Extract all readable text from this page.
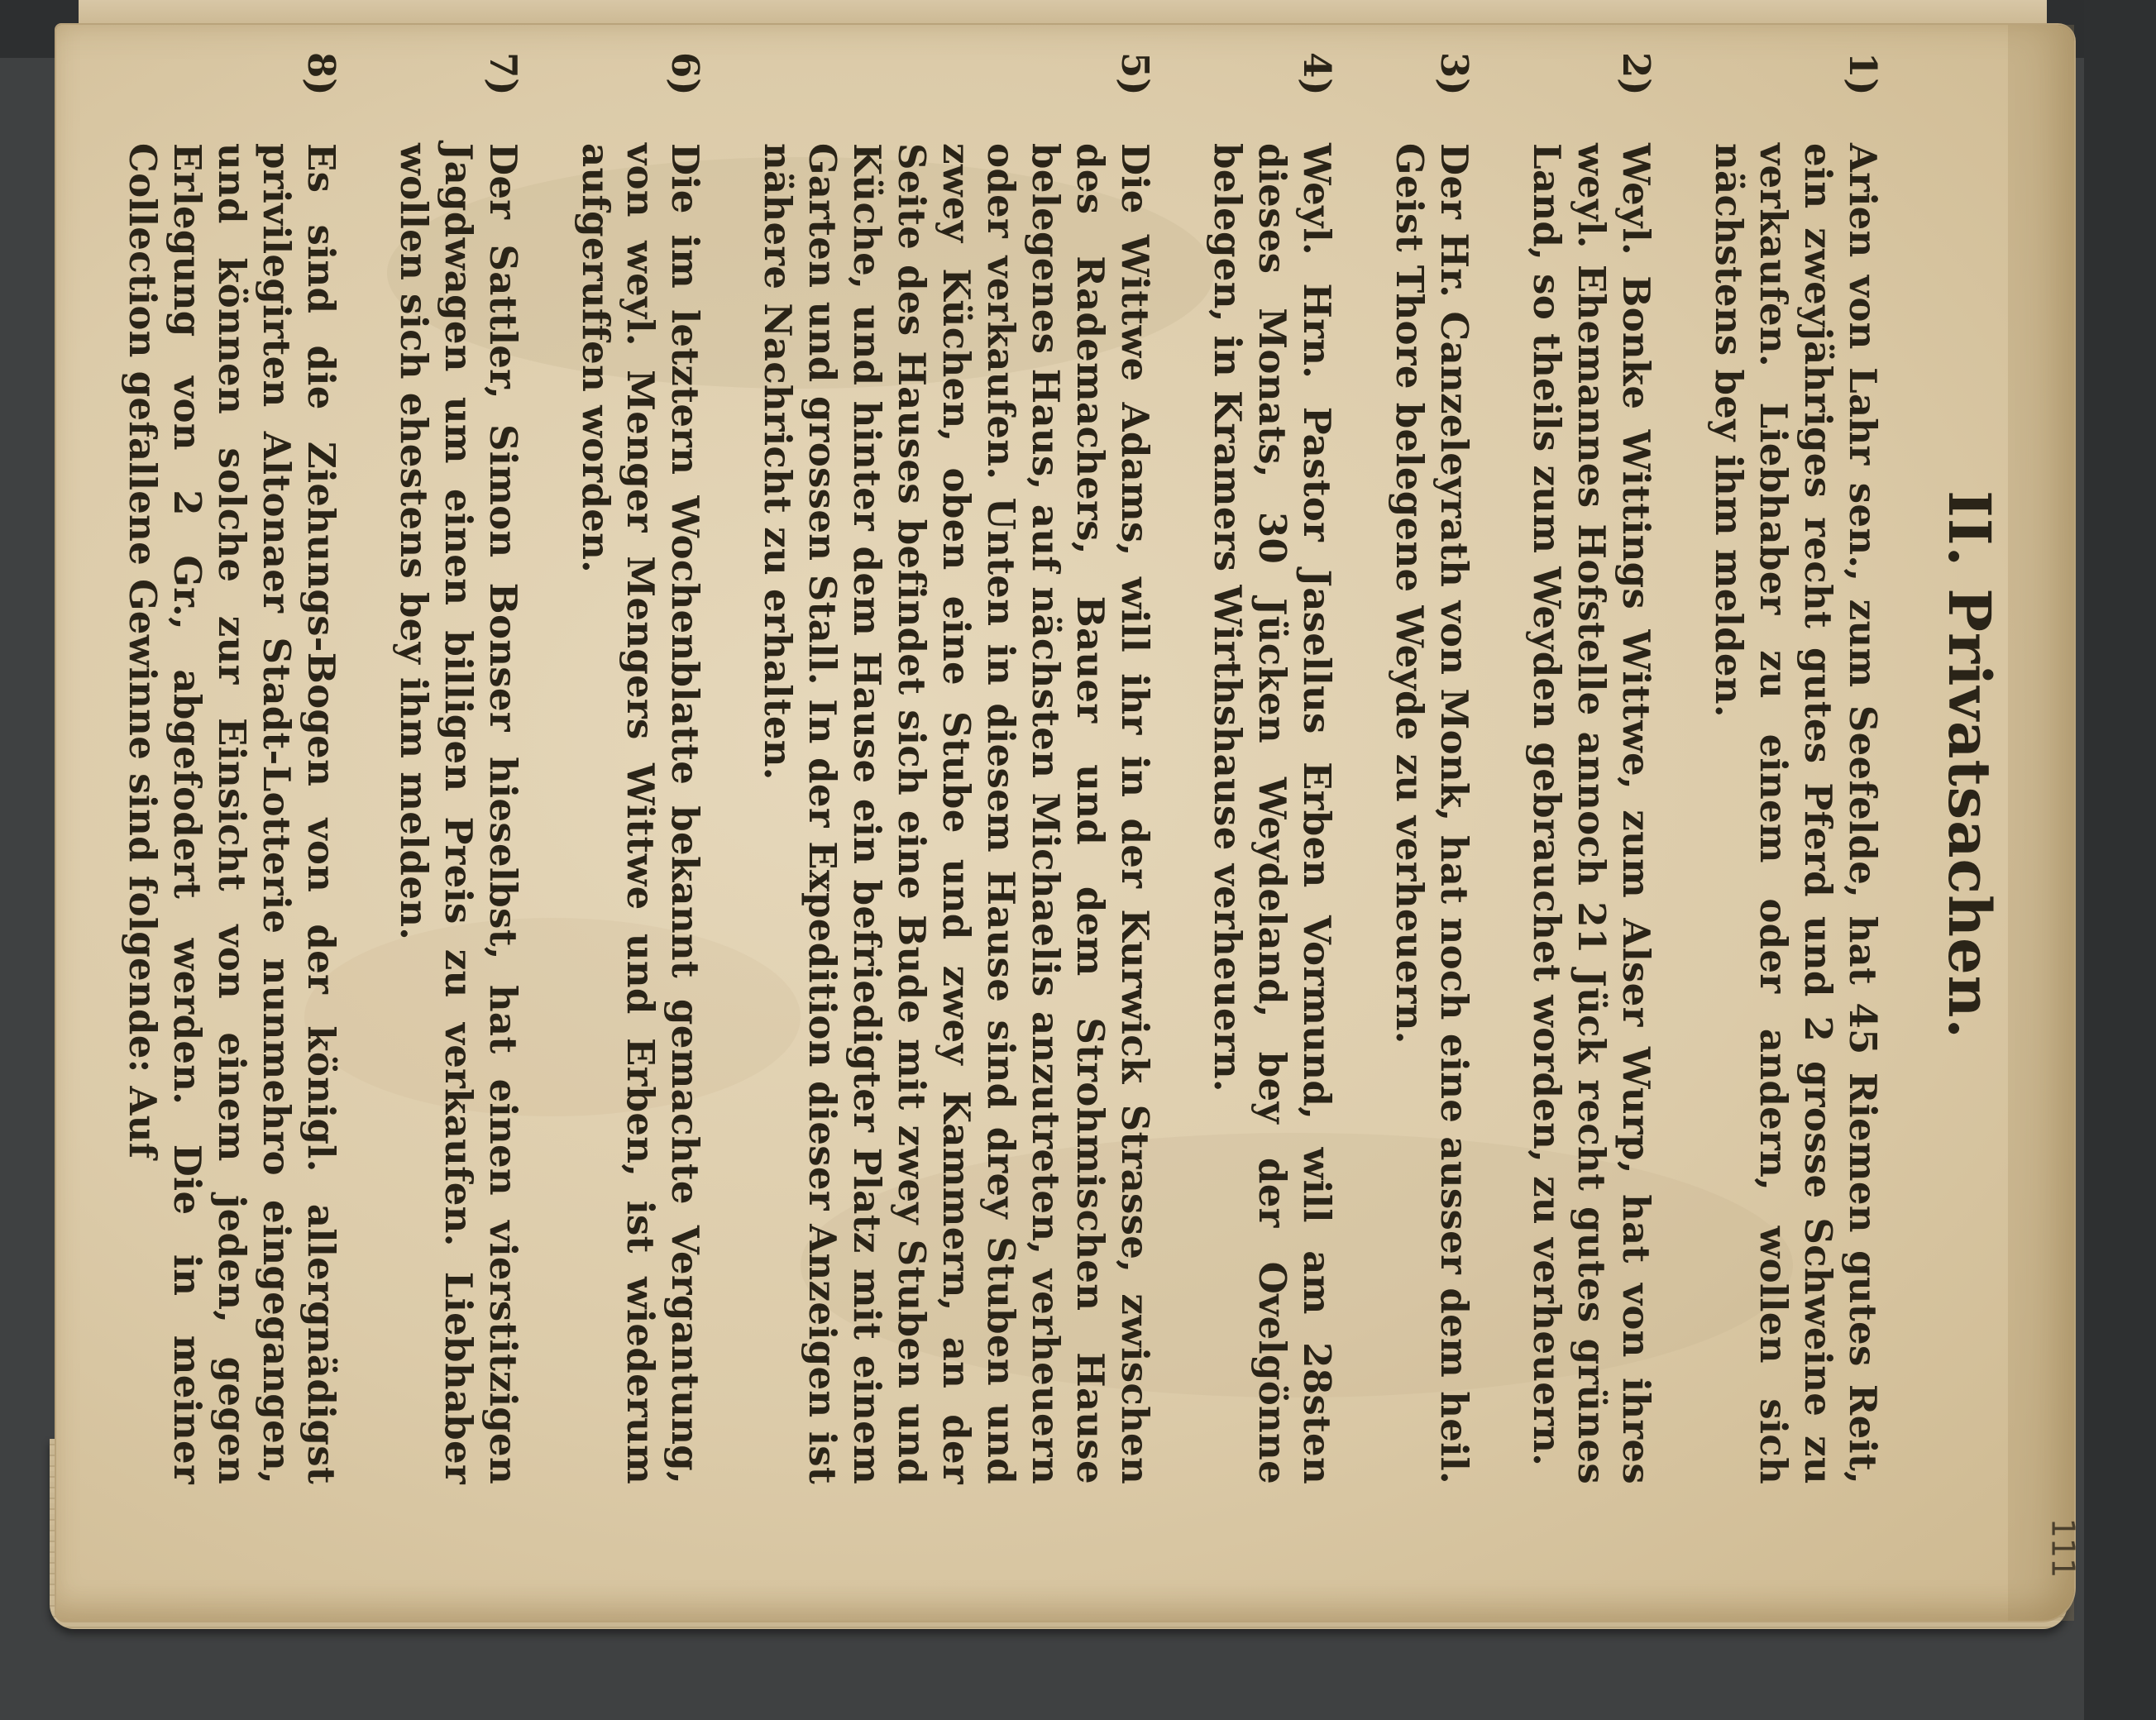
II. Privatsachen.
1)
Arien von Lahr sen., zum Seefelde, hat 45 Riemen gutes Reit, ein zweyjähriges recht gutes Pferd und 2 grosse Schweine zu verkaufen. Liebhaber zu einem oder andern, wollen sich nächstens bey ihm melden.
2)
Weyl. Bonke Wittings Wittwe, zum Alser Wurp, hat von ihres weyl. Ehemannes Hofstelle annoch 21 Jück recht gutes grünes Land, so theils zum Weyden gebrauchet worden, zu verheuern.
3)
Der Hr. Canzeleyrath von Monk, hat noch eine ausser dem heil. Geist Thore belegene Weyde zu verheuern.
4)
Weyl. Hrn. Pastor Jasellus Erben Vormund, will am 28sten dieses Monats, 30 Jücken Weydeland, bey der Ovelgönne belegen, in Kramers Wirthshause verheuern.
5)
Die Wittwe Adams, will ihr in der Kurwick Strasse, zwischen des Rademachers, Bauer und dem Strohmischen Hause belegenes Haus, auf nächsten Michaelis anzutreten, verheuern oder verkaufen. Unten in diesem Hause sind drey Stuben und zwey Küchen, oben eine Stube und zwey Kammern, an der Seite des Hauses befindet sich eine Bude mit zwey Stuben und Küche, und hinter dem Hause ein befriedigter Platz mit einem Garten und grossen Stall. In der Expedition dieser Anzeigen ist nähere Nachricht zu erhalten.
6)
Die im letztern Wochenblatte bekannt gemachte Vergantung, von weyl. Menger Mengers Wittwe und Erben, ist wiederum aufgeruffen worden.
7)
Der Sattler, Simon Bonser hieselbst, hat einen vierstitzigen Jagdwagen um einen billigen Preis zu verkaufen. Liebhaber wollen sich ehestens bey ihm melden.
8)
Es sind die Ziehungs-Bogen von der königl. allergnädigst privilegirten Altonaer Stadt-Lotterie nunmehro eingegangen, und können solche zur Einsicht von einem jeden, gegen Erlegung von 2 Gr., abgefodert werden. Die in meiner Collection gefallene Gewinne sind folgende: Auf
111
